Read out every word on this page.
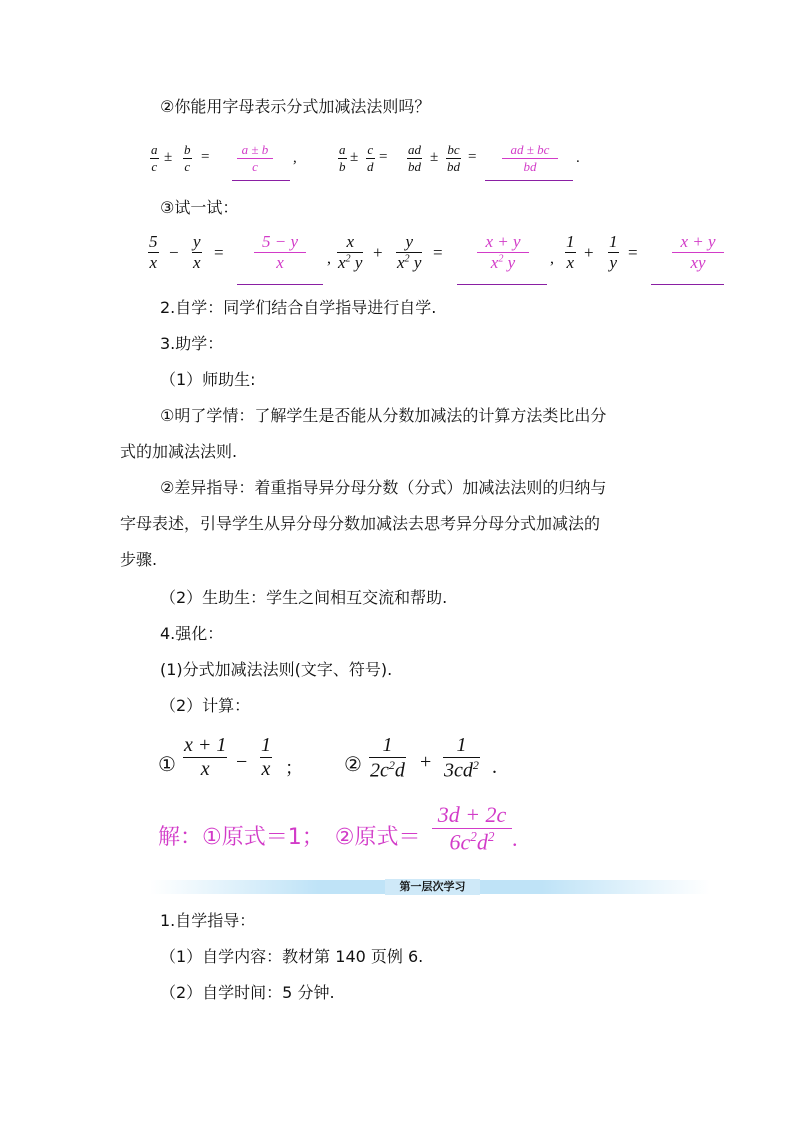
②你能用字母表示分式加减法法则吗？
a
c
± b
c
= a ± b
c
,
a
b
± c
d
= ad
bd
± bc
bd
=	ad ± bc
bd
.
③试一试：
5
x
−
y
x
=
5 − y
x	,
x
$x^2$ y
+
y
$x^2$ y
=
x + y
$x^2$ y ,
1
x
+
1
y
=
x + y
xy
2.自学：同学们结合自学指导进行自学.
3.助学：
（1）师助生:
①明了学情：了解学生是否能从分数加减法的计算方法类比出分
式的加减法法则.
②差异指导：着重指导异分母分数（分式）加减法法则的归纳与
字母表述，引导学生从异分母分数加减法去思考异分母分式加减法的
步骤.
（2）生助生：学生之间相互交流和帮助.
4.强化：
(1)分式加减法法则(文字、符号).
（2）计算：
①
x + 1
x −
1
x ； ②
1
$2c^2d$ +
1
$3cd^2$ .
解：①原式＝1；　②原式＝
3d + 2c
$6c^2d^2$ .
第一层次学习
1.自学指导：
（1）自学内容：教材第 140 页例 6.
（2）自学时间：5 分钟.
